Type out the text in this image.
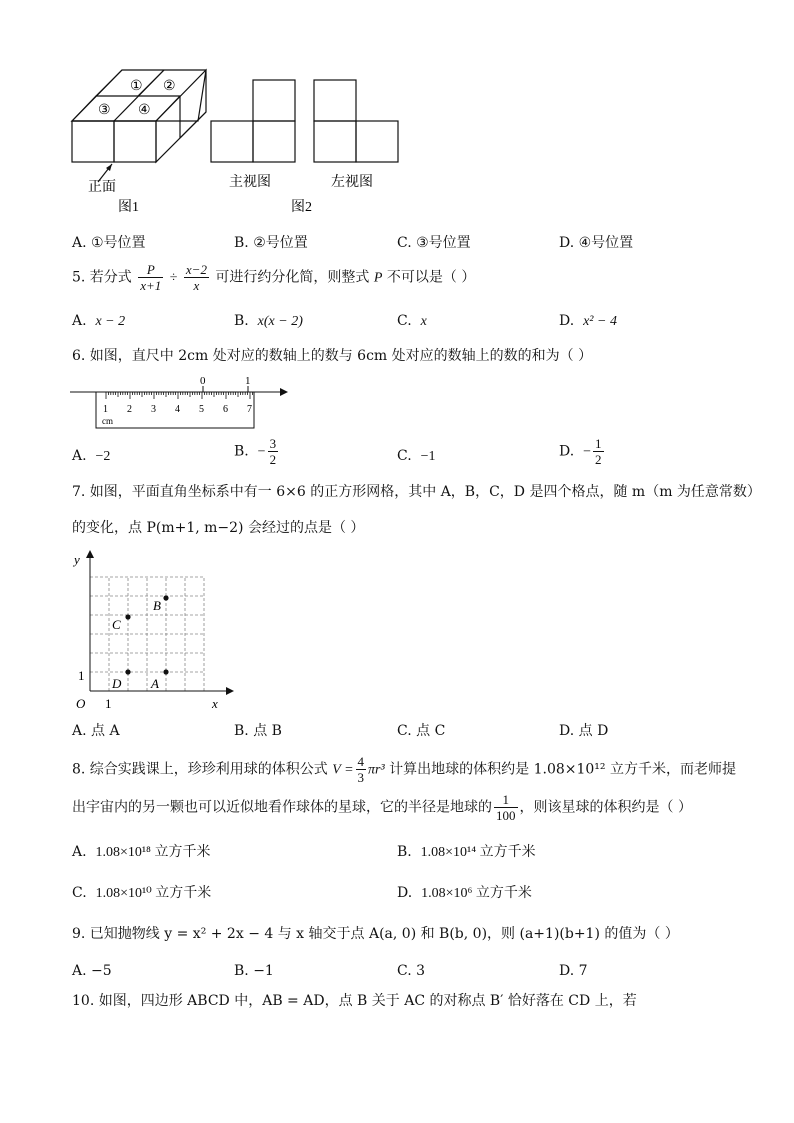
① ②
③ ④
正面
图1
主视图	左视图
图2
A. ①号位置	B. ②号位置	C. ③号位置	D. ④号位置
5. 若分式 $\frac{P}{x+1} \div \frac{x-2}{x}$ 可进行约分化简，则整式 P 不可以是（ ）
A. x − 2	B. x(x − 2)	C. x	D. x² − 4
6. 如图，直尺中 2cm 处对应的数轴上的数与 6cm 处对应的数轴上的数的和为（ ）
0	1
1 2 3 4 5 6 7
cm
A. −2	B. − $\frac{3}{2}$	C. −1	D. − $\frac{1}{2}$
7. 如图，平面直角坐标系中有一 6×6 的正方形网格，其中 A，B，C，D 是四个格点，随 m（m 为任意常数）
的变化，点 P(m+1, m−2) 会经过的点是（ ）
x
y
O 1
1
A
B
C
D
A. 点 A	B. 点 B	C. 点 C	D. 点 D
8. 综合实践课上，珍珍利用球的体积公式 $V = \frac{4}{3} \pi r^3$ 计算出地球的体积约是 1.08×10¹² 立方千米，而老师提
出宇宙内的另一颗也可以近似地看作球体的星球，它的半径是地球的 $\frac{1}{100}$ ，则该星球的体积约是（ ）
A. 1.08×10¹⁸ 立方千米	B. 1.08×10¹⁴ 立方千米
C. 1.08×10¹⁰ 立方千米	D. 1.08×10⁶ 立方千米
9. 已知抛物线 y = x² + 2x − 4 与 x 轴交于点 A(a, 0) 和 B(b, 0)，则 (a+1)(b+1) 的值为（ ）
A. −5	B. −1	C. 3	D. 7
10. 如图，四边形 ABCD 中，AB = AD，点 B 关于 AC 的对称点 B′ 恰好落在 CD 上，若
